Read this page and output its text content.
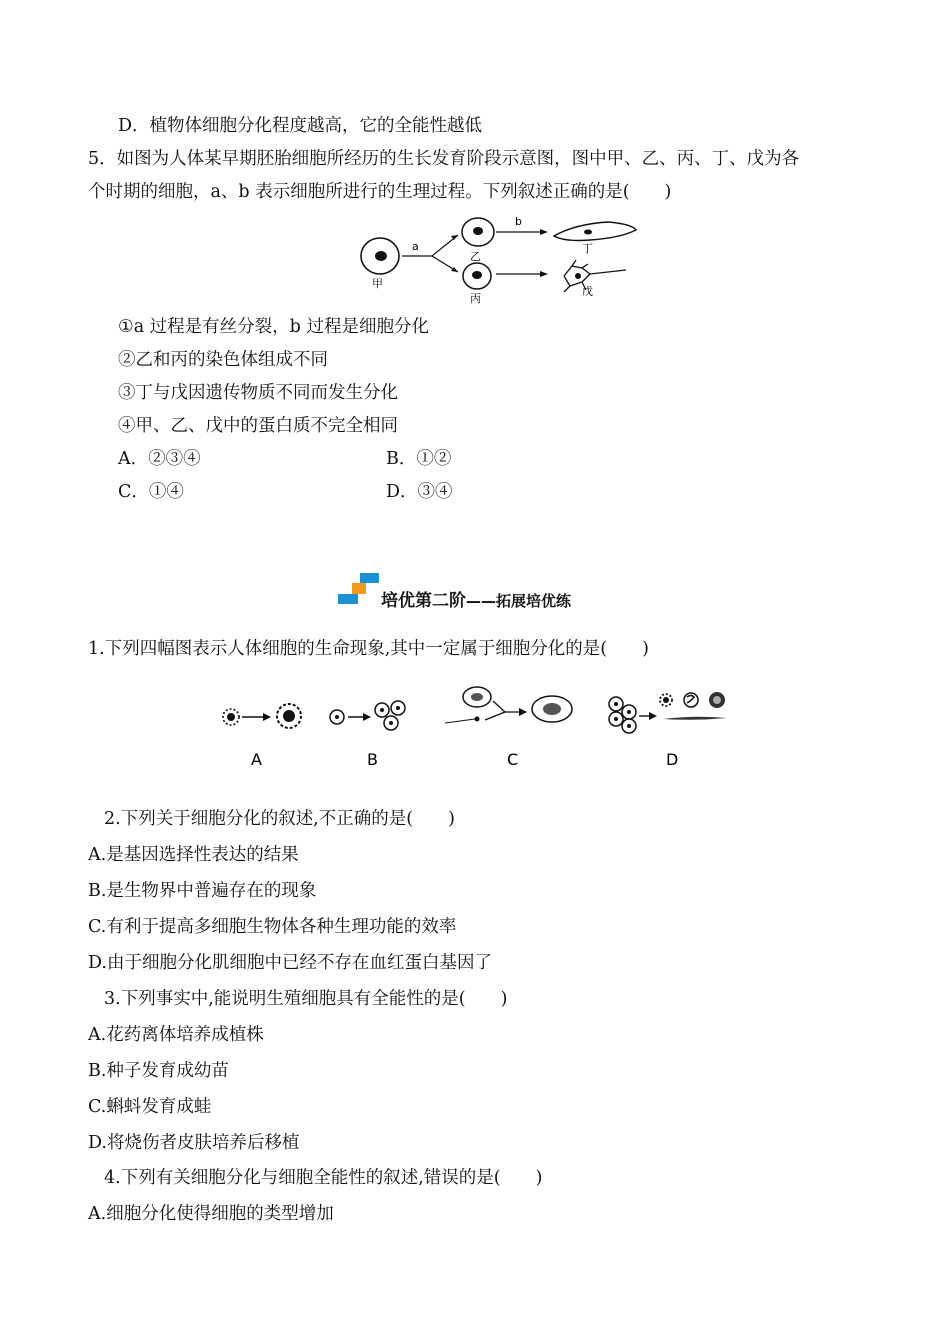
D．植物体细胞分化程度越高，它的全能性越低
5．如图为人体某早期胚胎细胞所经历的生长发育阶段示意图，图中甲、乙、丙、丁、戊为各
个时期的细胞，a、b 表示细胞所进行的生理过程。下列叙述正确的是(　　)
甲
a
乙
丙
b
丁
戊
①a 过程是有丝分裂，b 过程是细胞分化
②乙和丙的染色体组成不同
③丁与戊因遗传物质不同而发生分化
④甲、乙、戊中的蛋白质不完全相同
A．②③④	B．①②
C．①④	D．③④
培优第二阶——拓展培优练
1.下列四幅图表示人体细胞的生命现象,其中一定属于细胞分化的是(　　)
A	B	C	D
2.下列关于细胞分化的叙述,不正确的是(　　)
A.是基因选择性表达的结果
B.是生物界中普遍存在的现象
C.有利于提高多细胞生物体各种生理功能的效率
D.由于细胞分化肌细胞中已经不存在血红蛋白基因了
3.下列事实中,能说明生殖细胞具有全能性的是(　　)
A.花药离体培养成植株
B.种子发育成幼苗
C.蝌蚪发育成蛙
D.将烧伤者皮肤培养后移植
4.下列有关细胞分化与细胞全能性的叙述,错误的是(　　)
A.细胞分化使得细胞的类型增加
